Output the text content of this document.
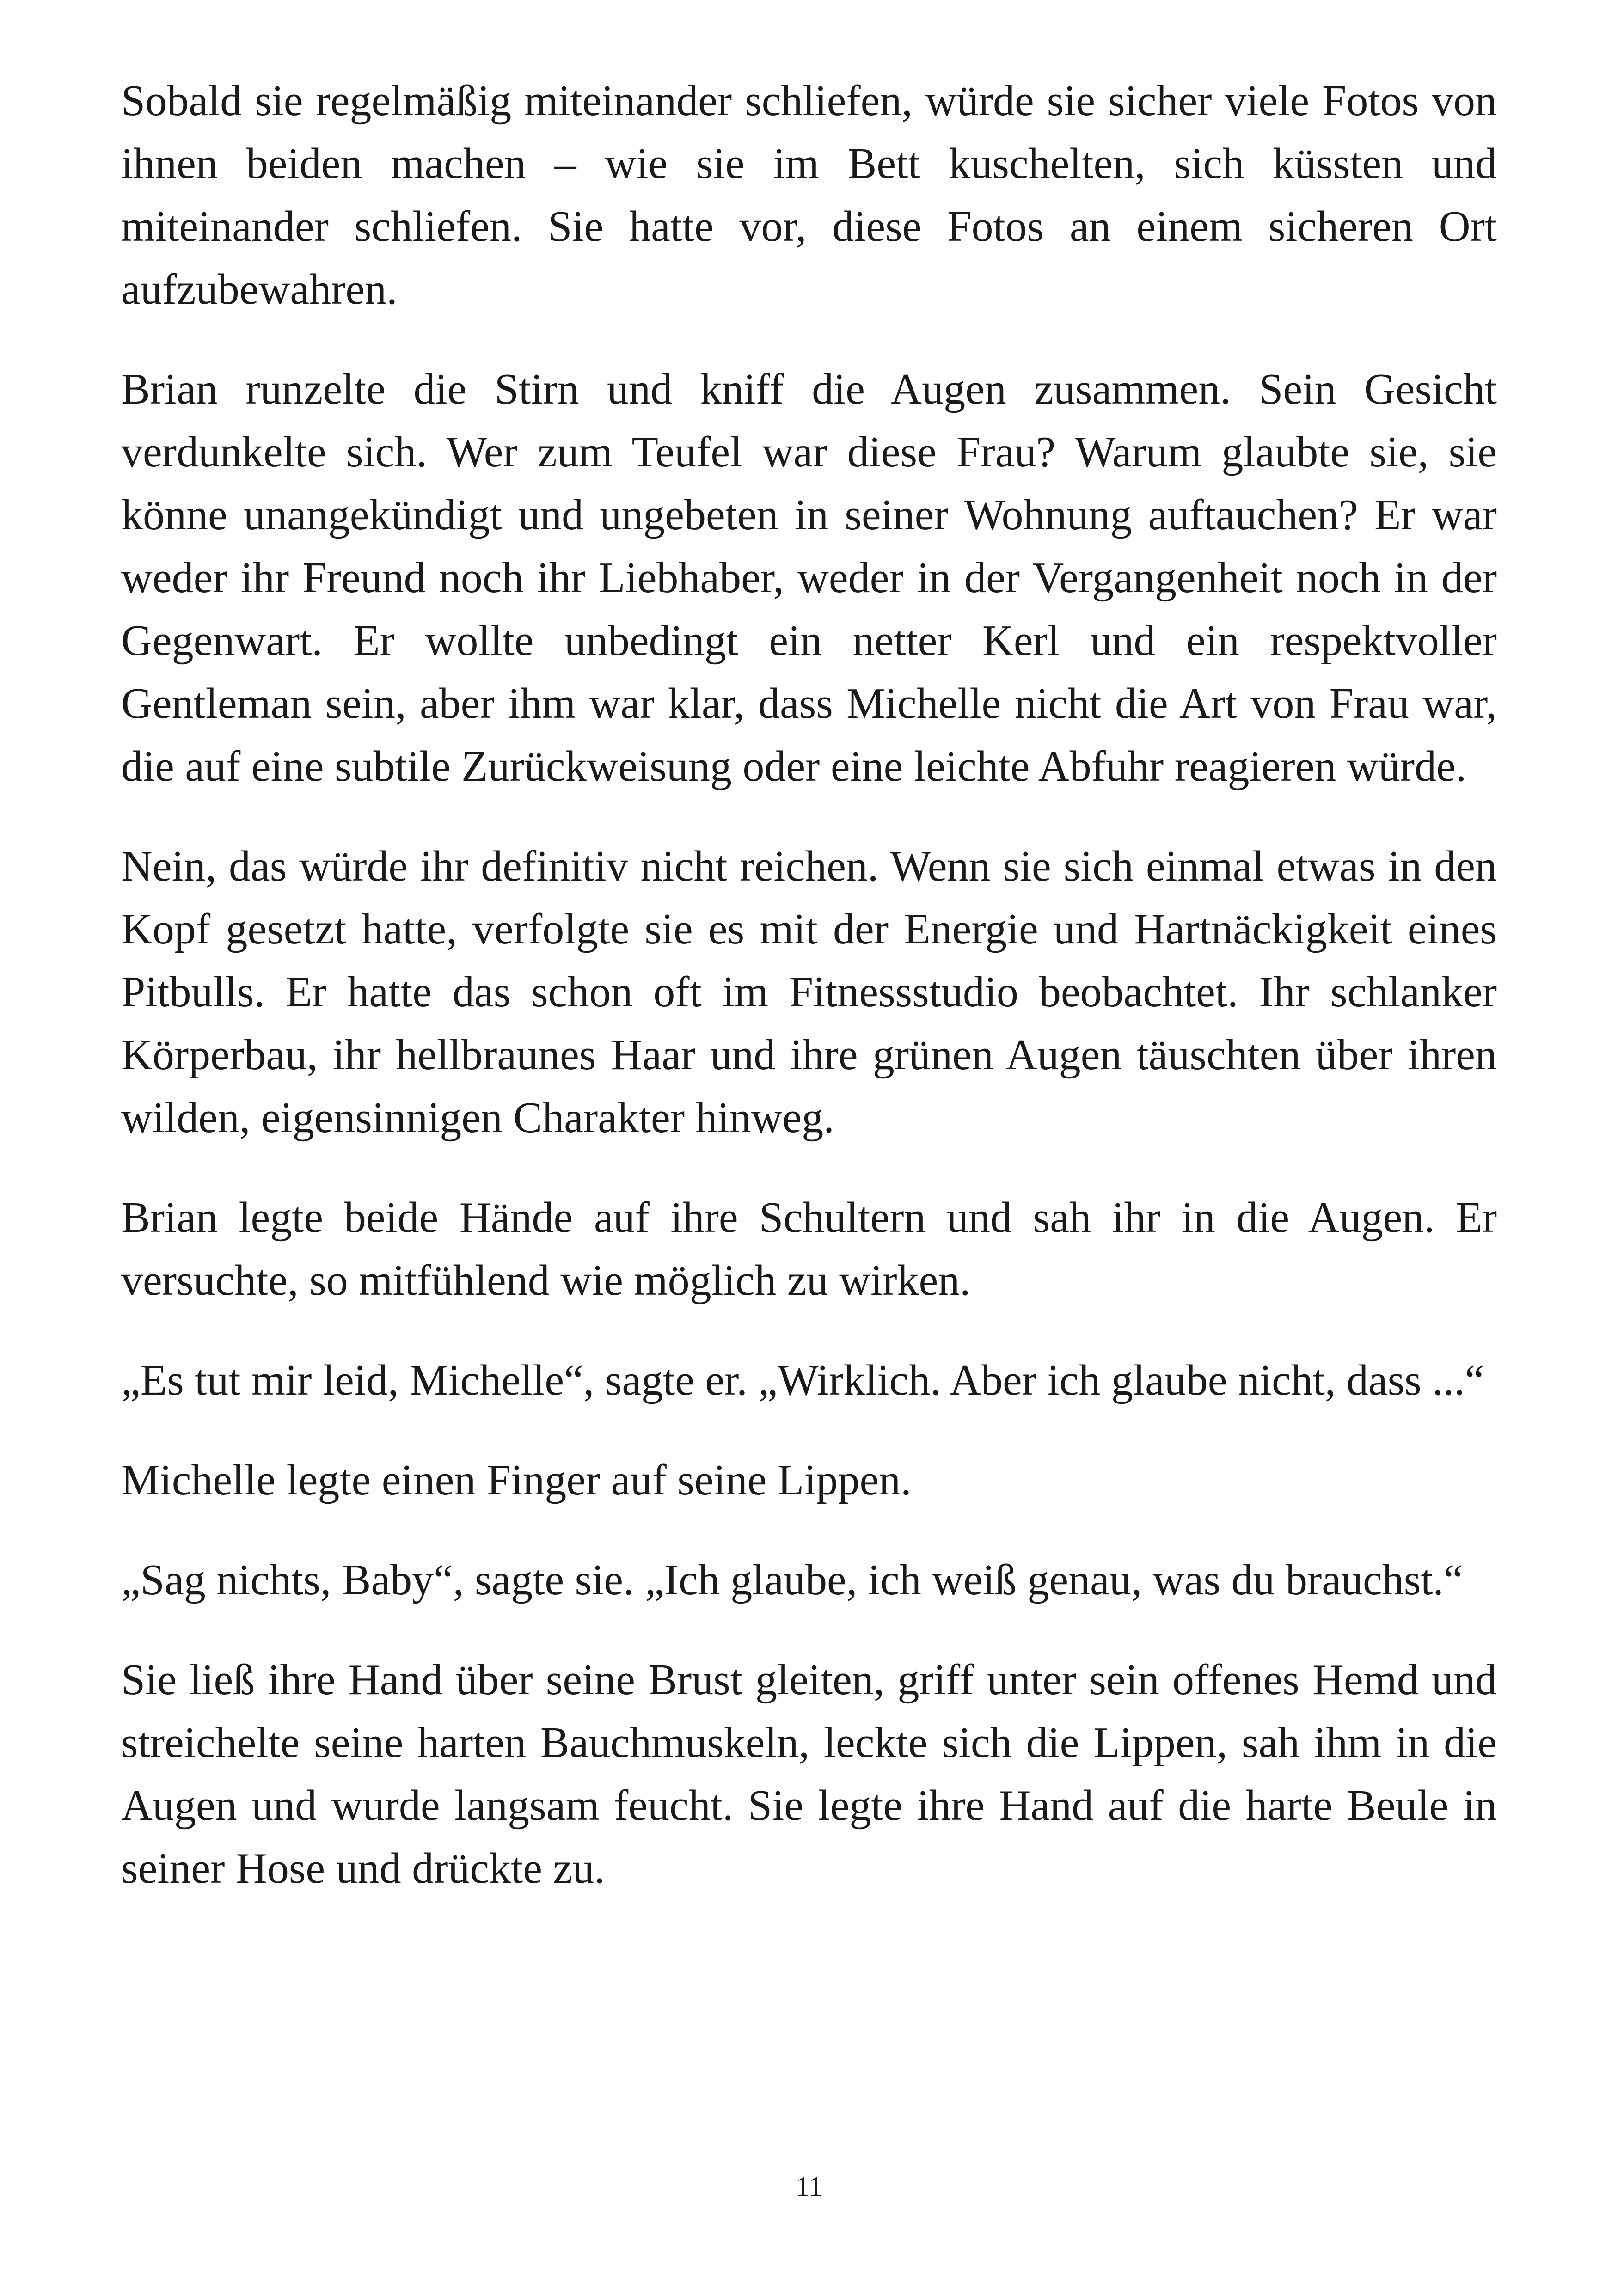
Sobald sie regelmäßig miteinander schliefen, würde sie sicher viele Fotos von ihnen beiden machen – wie sie im Bett kuschelten, sich küssten und miteinander schliefen. Sie hatte vor, diese Fotos an einem sicheren Ort aufzubewahren.

Brian runzelte die Stirn und kniff die Augen zusammen. Sein Gesicht verdunkelte sich. Wer zum Teufel war diese Frau? Warum glaubte sie, sie könne unangekündigt und ungebeten in seiner Wohnung auftauchen? Er war weder ihr Freund noch ihr Liebhaber, weder in der Vergangenheit noch in der Gegenwart. Er wollte unbedingt ein netter Kerl und ein respektvoller Gentleman sein, aber ihm war klar, dass Michelle nicht die Art von Frau war, die auf eine subtile Zurückweisung oder eine leichte Abfuhr reagieren würde.

Nein, das würde ihr definitiv nicht reichen. Wenn sie sich einmal etwas in den Kopf gesetzt hatte, verfolgte sie es mit der Energie und Hartnäckigkeit eines Pitbulls. Er hatte das schon oft im Fitnessstudio beobachtet. Ihr schlanker Körperbau, ihr hellbraunes Haar und ihre grünen Augen täuschten über ihren wilden, eigensinnigen Charakter hinweg.

Brian legte beide Hände auf ihre Schultern und sah ihr in die Augen. Er versuchte, so mitfühlend wie möglich zu wirken.

„Es tut mir leid, Michelle“, sagte er. „Wirklich. Aber ich glaube nicht, dass ...“

Michelle legte einen Finger auf seine Lippen.

„Sag nichts, Baby“, sagte sie. „Ich glaube, ich weiß genau, was du brauchst.“

Sie ließ ihre Hand über seine Brust gleiten, griff unter sein offenes Hemd und streichelte seine harten Bauchmuskeln, leckte sich die Lippen, sah ihm in die Augen und wurde langsam feucht. Sie legte ihre Hand auf die harte Beule in seiner Hose und drückte zu.

11
